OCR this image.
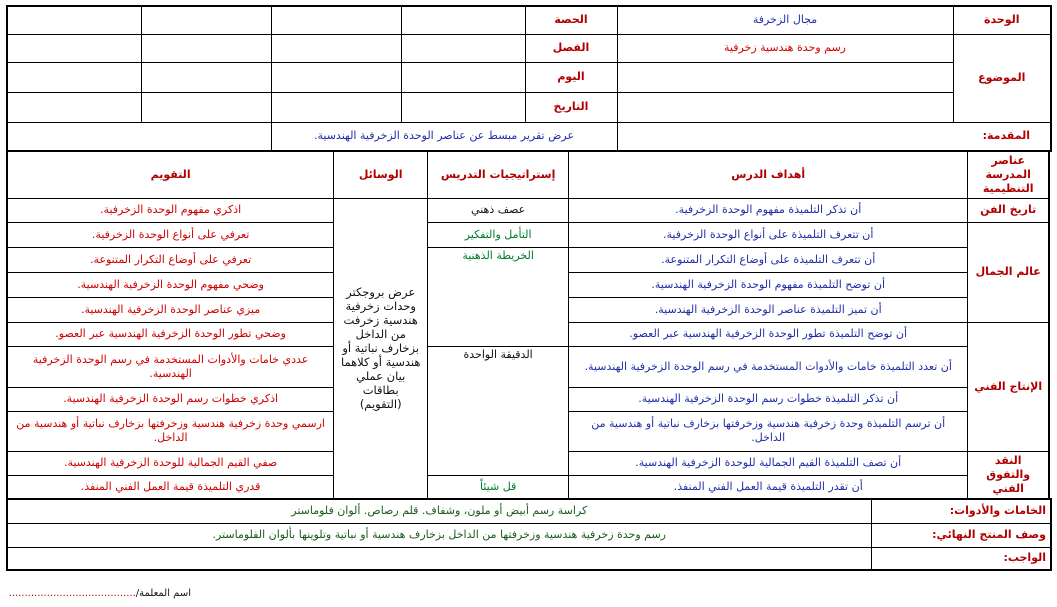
الوحدة	مجال الزخرفة	الحصة				
الموضوع	رسم وحدة هندسية زخرفية	الفصل				
		اليوم				
		التاريخ				
المقدمة:		عرض تقرير مبسط عن عناصر الوحدة الزخرفية الهندسية.				
عناصر المدرسة التنظيمية	أهداف الدرس	إستراتيجيات التدريس	الوسائل	التقويم
تاريخ الفن	أن تذكر التلميذة مفهوم الوحدة الزخرفية.	عصف ذهني	عرض بروجكتر وحدات زخرفية هندسية زخرفت من الداخل بزخارف نباتية أو هندسية أو كلاهما بيان عملي بطاقات (التقويم)	اذكري مفهوم الوحدة الزخرفية.
عالم الجمال	أن تتعرف التلميذة على أنواع الوحدة الزخرفية.	التأمل والتفكير		تعرفي على أنواع الوحدة الزخرفية.
	أن تتعرف التلميذة على أوضاع التكرار المتنوعة.	الخريطة الذهنية		تعرفي على أوضاع التكرار المتنوعة.
	أن توضح التلميذة مفهوم الوحدة الزخرفية الهندسية.			وضحي مفهوم الوحدة الزخرفية الهندسية.
	أن تميز التلميذة عناصر الوحدة الزخرفية الهندسية.			ميزي عناصر الوحدة الزخرفية الهندسية.
الإنتاج الفني	أن توضح التلميذة تطور الوحدة الزخرفية الهندسية عبر العصو.			وضحي تطور الوحدة الزخرفية الهندسية عبر العصو.
	أن تعدد التلميذة خامات والأدوات المستخدمة في رسم الوحدة الزخرفية الهندسية.	الدقيقة الواحدة		عددي خامات والأدوات المستخدمة في رسم الوحدة الزخرفية الهندسية.
	أن تذكر التلميذة خطوات رسم الوحدة الزخرفية الهندسية.			اذكري خطوات رسم الوحدة الزخرفية الهندسية.
	أن ترسم التلميذة وحدة زخرفية هندسية وزخرفتها بزخارف نباتية أو هندسية من الداخل.			ارسمي وحدة زخرفية هندسية وزخرفتها بزخارف نباتية أو هندسية من الداخل.
النقد والتفوق الفني	أن تصف التلميذة القيم الجمالية للوحدة الزخرفية الهندسية.			صفي القيم الجمالية للوحدة الزخرفية الهندسية.
	أن تقدر التلميذة قيمة العمل الفني المنفذ.	قل شيئاً		قدري التلميذة قيمة العمل الفني المنفذ.
الخامات والأدوات:	كراسة رسم أبيض أو ملون، وشفاف. قلم رصاص. ألوان فلوماستر
وصف المنتج النهائي:	رسم وحدة زخرفية هندسية وزخرفتها من الداخل بزخارف هندسية أو نباتية وتلوينها بألوان الفلوماستر.
الواجب:	
اسم المعلمة/........................................
